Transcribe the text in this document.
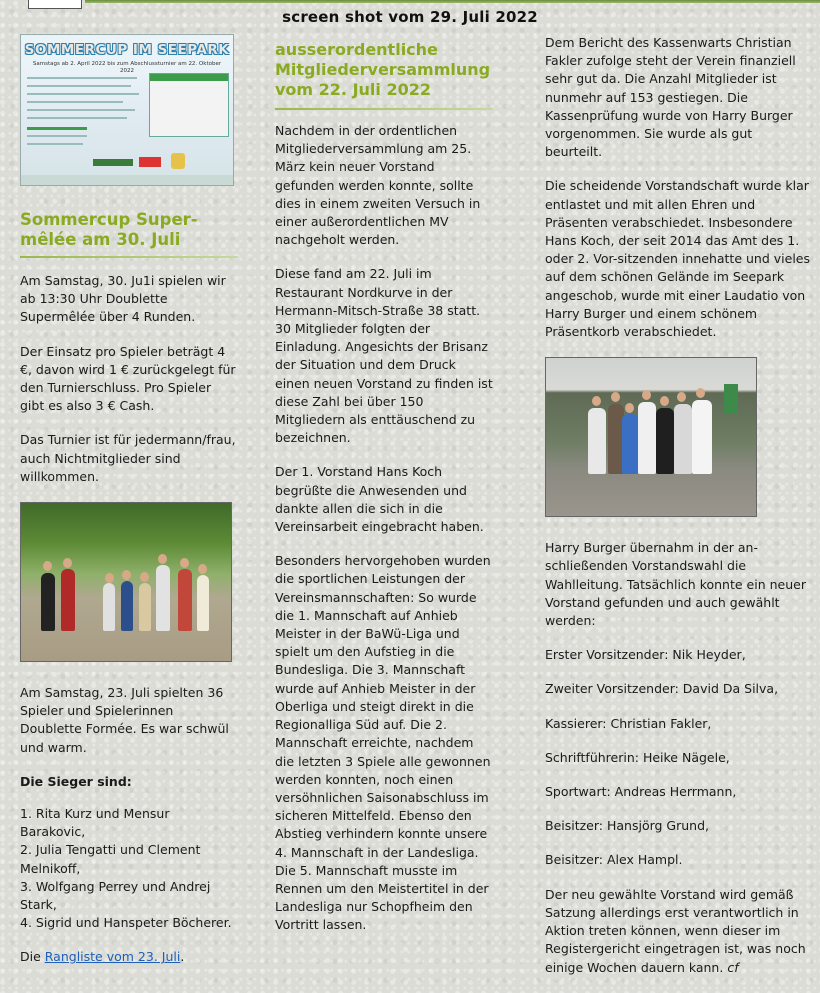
screen shot vom 29. Juli 2022
SOMMERCUP IM SEEPARK
Samstags ab 2. April 2022 bis zum Abschlussturnier am 22. Oktober 2022
Sommercup Super-mêlée am 30. Juli

Am Samstag, 30. Ju1i spielen wir ab 13:30 Uhr Doublette Supermêlée über 4 Runden.

Der Einsatz pro Spieler beträgt 4 €, davon wird 1 € zurückgelegt für den Turnierschluss. Pro Spieler gibt es also 3 € Cash.

Das Turnier ist für jedermann/frau, auch Nichtmitglieder sind willkommen.

Am Samstag, 23. Juli spielten 36 Spieler und Spielerinnen Doublette Formée. Es war schwül und warm.

Die Sieger sind:

1. Rita Kurz und Mensur Barakovic,
2. Julia Tengatti und Clement Melnikoff,
3. Wolfgang Perrey und Andrej Stark,
4. Sigrid und Hanspeter Böcherer.

Die Rangliste vom 23. Juli.

ausserordentliche Mitgliederversammlung vom 22. Juli 2022

Nachdem in der ordentlichen Mitgliederversammlung am 25. März kein neuer Vorstand gefunden werden konnte, sollte dies in einem zweiten Versuch in einer außerordentlichen MV nachgeholt werden.

Diese fand am 22. Juli im Restaurant Nordkurve in der Hermann-Mitsch-Straße 38 statt. 30 Mitglieder folgten der Einladung. Angesichts der Brisanz der Situation und dem Druck einen neuen Vorstand zu finden ist diese Zahl bei über 150 Mitgliedern als enttäuschend zu bezeichnen.

Der 1. Vorstand Hans Koch begrüßte die Anwesenden und dankte allen die sich in die Vereinsarbeit eingebracht haben.

Besonders hervorgehoben wurden die sportlichen Leistungen der Vereinsmannschaften: So wurde die 1. Mannschaft auf Anhieb Meister in der BaWü-Liga und spielt um den Aufstieg in die Bundesliga. Die 3. Mannschaft wurde auf Anhieb Meister in der Oberliga und steigt direkt in die Regionalliga Süd auf. Die 2. Mannschaft erreichte, nachdem die letzten 3 Spiele alle gewonnen werden konnten, noch einen versöhnlichen Saisonabschluss im sicheren Mittelfeld. Ebenso den Abstieg verhindern konnte unsere 4. Mannschaft in der Landesliga. Die 5. Mannschaft musste im Rennen um den Meistertitel in der Landesliga nur Schopfheim den Vortritt lassen.

Dem Bericht des Kassenwarts Christian Fakler zufolge steht der Verein finanziell sehr gut da. Die Anzahl Mitglieder ist nunmehr auf 153 gestiegen. Die Kassenprüfung wurde von Harry Burger vorgenommen. Sie wurde als gut beurteilt.

Die scheidende Vorstandschaft wurde klar entlastet und mit allen Ehren und Präsenten verabschiedet. Insbesondere Hans Koch, der seit 2014 das Amt des 1. oder 2. Vor-sitzenden innehatte und vieles auf dem schönen Gelände im Seepark angeschob, wurde mit einer Laudatio von Harry Burger und einem schönem Präsentkorb verabschiedet.

Harry Burger übernahm in der an-schließenden Vorstandswahl die Wahlleitung. Tatsächlich konnte ein neuer Vorstand gefunden und auch gewählt werden:

Erster Vorsitzender: Nik Heyder,

Zweiter Vorsitzender: David Da Silva,

Kassierer: Christian Fakler,

Schriftführerin: Heike Nägele,

Sportwart: Andreas Herrmann,

Beisitzer: Hansjörg Grund,

Beisitzer: Alex Hampl.

Der neu gewählte Vorstand wird gemäß Satzung allerdings erst verantwortlich in Aktion treten können, wenn dieser im Registergericht eingetragen ist, was noch einige Wochen dauern kann. cf
